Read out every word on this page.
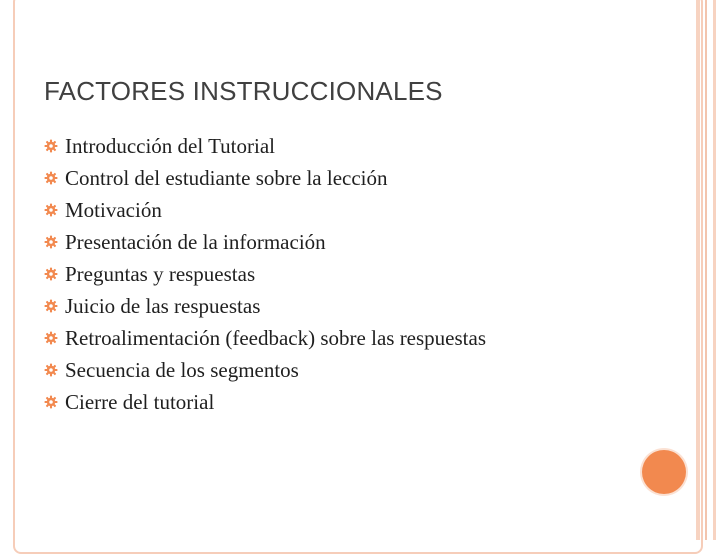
FACTORES INSTRUCCIONALES
Introducción del Tutorial
Control del estudiante sobre la lección
Motivación
Presentación de la información
Preguntas y respuestas
Juicio de las respuestas
Retroalimentación (feedback) sobre las respuestas
Secuencia de los segmentos
Cierre del tutorial
